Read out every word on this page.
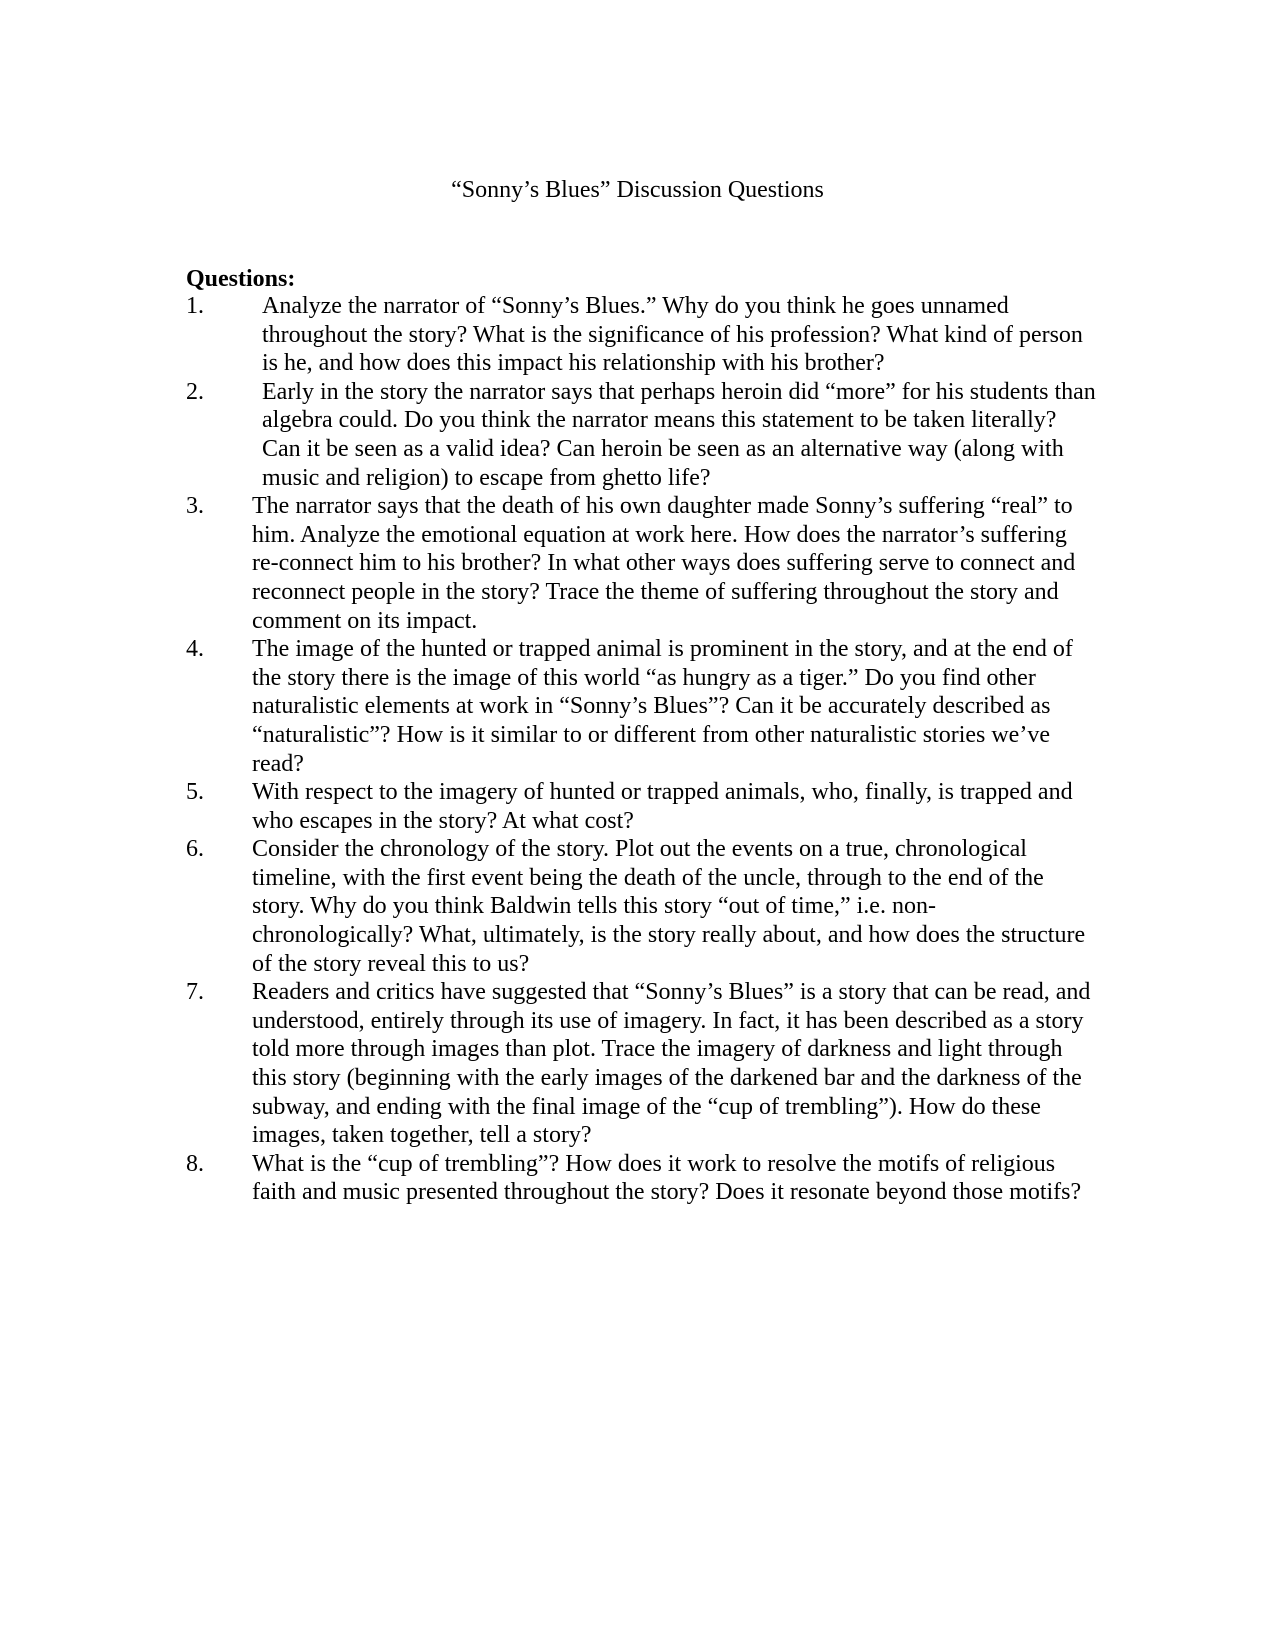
“Sonny’s Blues” Discussion Questions
Questions:
1. Analyze the narrator of “Sonny’s Blues.” Why do you think he goes unnamed throughout the story? What is the significance of his profession? What kind of person is he, and how does this impact his relationship with his brother?
2. Early in the story the narrator says that perhaps heroin did “more” for his students than algebra could. Do you think the narrator means this statement to be taken literally? Can it be seen as a valid idea? Can heroin be seen as an alternative way (along with music and religion) to escape from ghetto life?
3. The narrator says that the death of his own daughter made Sonny’s suffering “real” to him. Analyze the emotional equation at work here. How does the narrator’s suffering re-connect him to his brother? In what other ways does suffering serve to connect and reconnect people in the story? Trace the theme of suffering throughout the story and comment on its impact.
4. The image of the hunted or trapped animal is prominent in the story, and at the end of the story there is the image of this world “as hungry as a tiger.” Do you find other naturalistic elements at work in “Sonny’s Blues”? Can it be accurately described as “naturalistic”? How is it similar to or different from other naturalistic stories we’ve read?
5. With respect to the imagery of hunted or trapped animals, who, finally, is trapped and who escapes in the story? At what cost?
6. Consider the chronology of the story. Plot out the events on a true, chronological timeline, with the first event being the death of the uncle, through to the end of the story. Why do you think Baldwin tells this story “out of time,” i.e. non-chronologically? What, ultimately, is the story really about, and how does the structure of the story reveal this to us?
7. Readers and critics have suggested that “Sonny’s Blues” is a story that can be read, and understood, entirely through its use of imagery. In fact, it has been described as a story told more through images than plot. Trace the imagery of darkness and light through this story (beginning with the early images of the darkened bar and the darkness of the subway, and ending with the final image of the “cup of trembling”). How do these images, taken together, tell a story?
8. What is the “cup of trembling”? How does it work to resolve the motifs of religious faith and music presented throughout the story? Does it resonate beyond those motifs?
